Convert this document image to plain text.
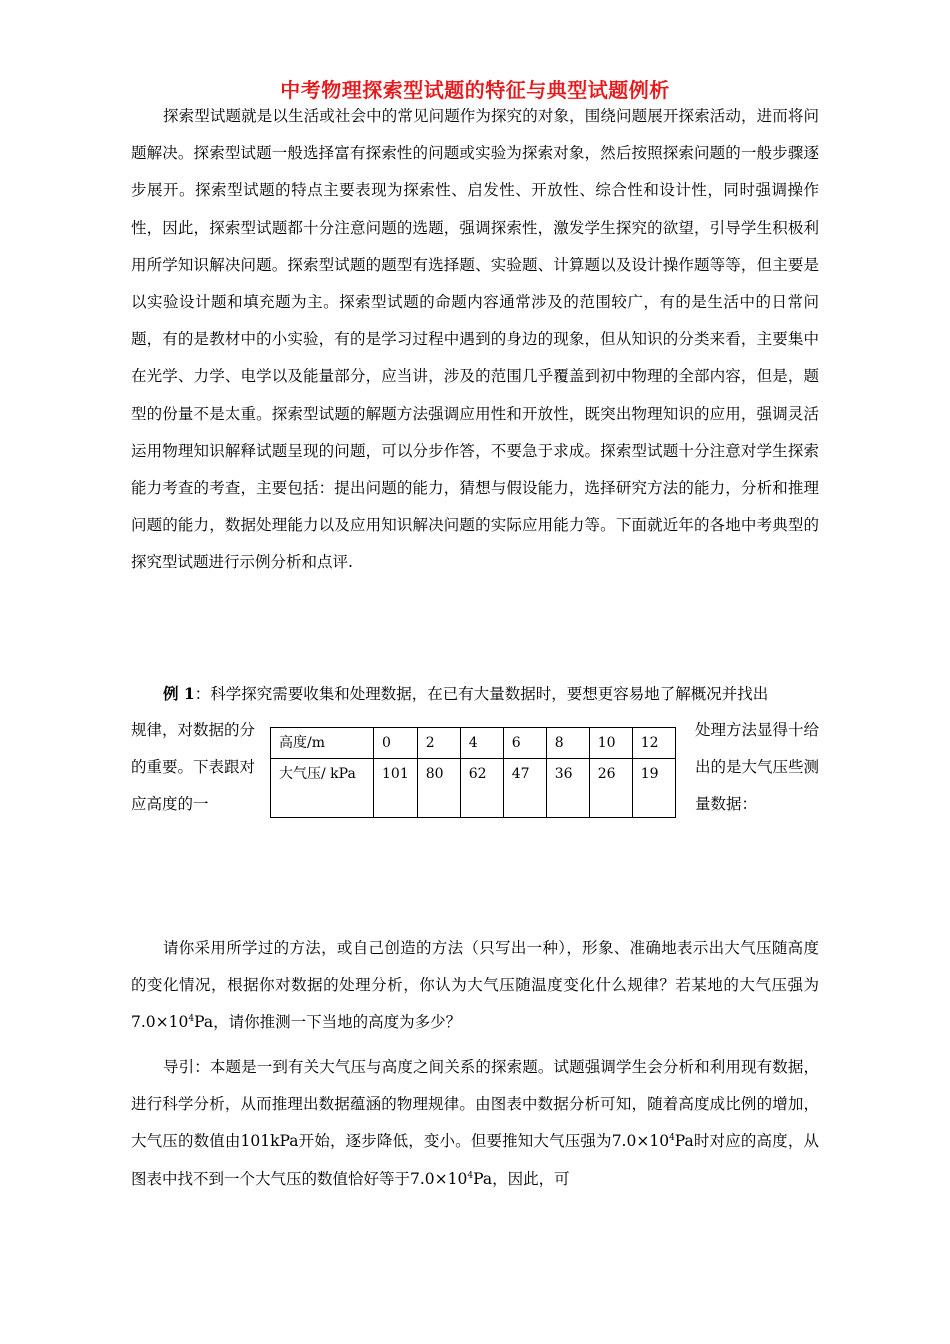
中考物理探索型试题的特征与典型试题例析

探索型试题就是以生活或社会中的常见问题作为探究的对象，围绕问题展开探索活动，进而将问题解决。探索型试题一般选择富有探索性的问题或实验为探索对象，然后按照探索问题的一般步骤逐步展开。探索型试题的特点主要表现为探索性、启发性、开放性、综合性和设计性，同时强调操作性，因此，探索型试题都十分注意问题的选题，强调探索性，激发学生探究的欲望，引导学生积极利用所学知识解决问题。探索型试题的题型有选择题、实验题、计算题以及设计操作题等等，但主要是以实验设计题和填充题为主。探索型试题的命题内容通常涉及的范围较广，有的是生活中的日常问题，有的是教材中的小实验，有的是学习过程中遇到的身边的现象，但从知识的分类来看，主要集中在光学、力学、电学以及能量部分，应当讲，涉及的范围几乎覆盖到初中物理的全部内容，但是，题型的份量不是太重。探索型试题的解题方法强调应用性和开放性，既突出物理知识的应用，强调灵活运用物理知识解释试题呈现的问题，可以分步作答，不要急于求成。探索型试题十分注意对学生探索能力考查的考查，主要包括：提出问题的能力，猜想与假设能力，选择研究方法的能力，分析和推理问题的能力，数据处理能力以及应用知识解决问题的实际应用能力等。下面就近年的各地中考典型的探究型试题进行示例分析和点评.

例 1：科学探究需要收集和处理数据，在已有大量数据时，要想更容易地了解概况并找出

规律，对数据的分的重要。下表跟对应高度的一

高度/m	0	2	4	6	8	10	12
大气压/ kPa	101	80	62	47	36	26	19

处理方法显得十给出的是大气压些测量数据：

请你采用所学过的方法，或自己创造的方法（只写出一种），形象、准确地表示出大气压随高度的变化情况，根据你对数据的处理分析，你认为大气压随温度变化什么规律？若某地的大气压强为$7.0\times 10^4Pa$，请你推测一下当地的高度为多少？

导引：本题是一到有关大气压与高度之间关系的探索题。试题强调学生会分析和利用现有数据，进行科学分析，从而推理出数据蕴涵的物理规律。由图表中数据分析可知，随着高度成比例的增加，大气压的数值由101kPa开始，逐步降低，变小。但要推知大气压强为$7.0\times 10^4Pa$时对应的高度，从图表中找不到一个大气压的数值恰好等于$7.0\times 10^4Pa$，因此，可
